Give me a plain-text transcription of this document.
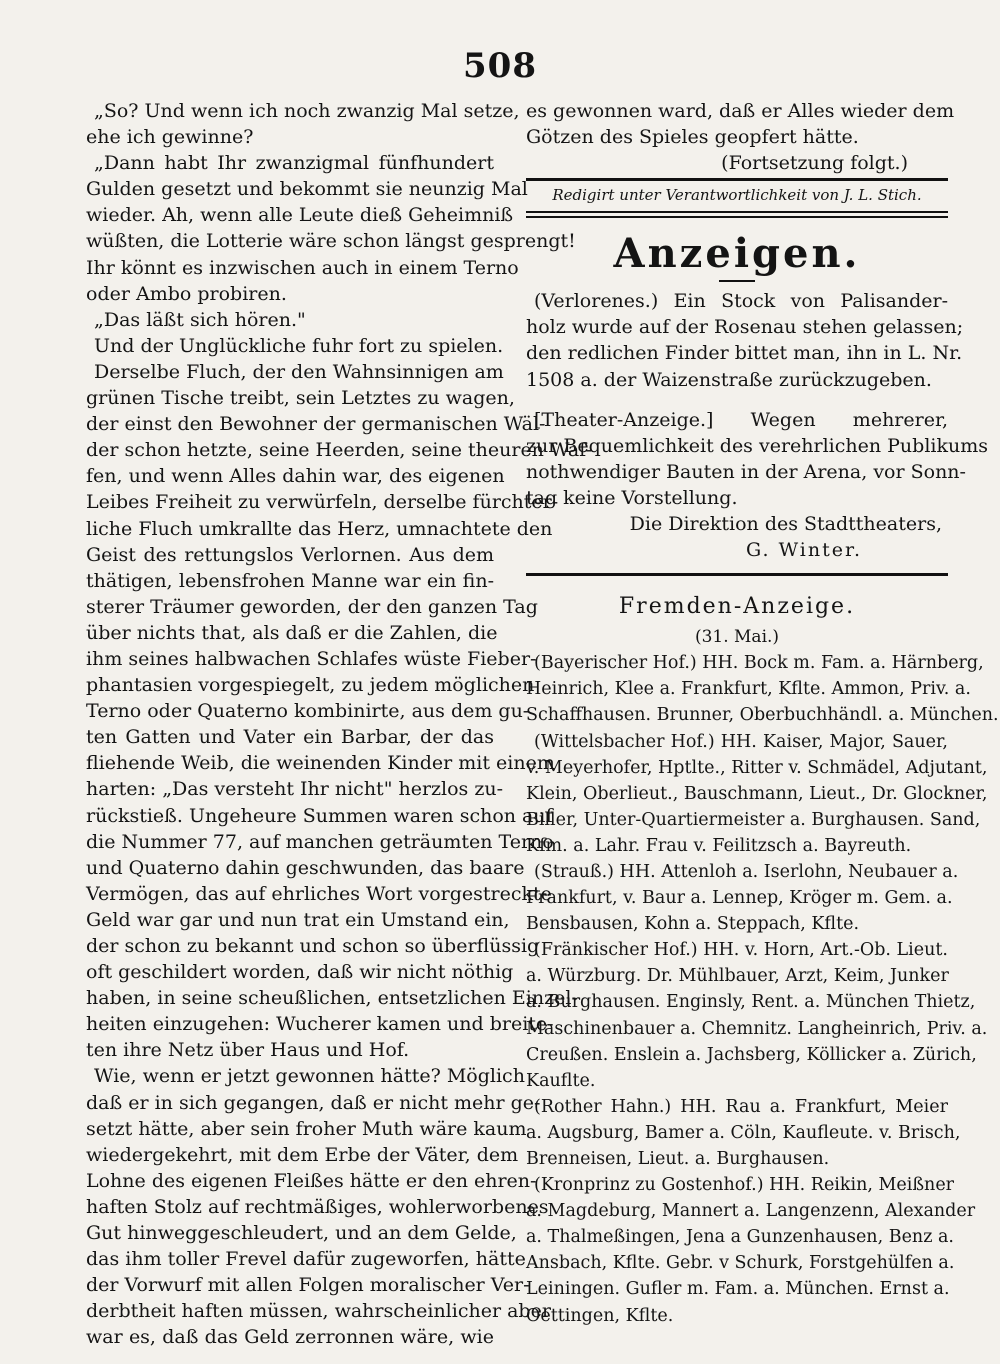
508
„So? Und wenn ich noch zwanzig Mal setze,
ehe ich gewinne?
„Dann habt Ihr zwanzigmal fünfhundert
Gulden gesetzt und bekommt sie neunzig Mal
wieder. Ah, wenn alle Leute dieß Geheimniß
wüßten, die Lotterie wäre schon längst gesprengt!
Ihr könnt es inzwischen auch in einem Terno
oder Ambo probiren.
„Das läßt sich hören."
Und der Unglückliche fuhr fort zu spielen.
Derselbe Fluch, der den Wahnsinnigen am
grünen Tische treibt, sein Letztes zu wagen,
der einst den Bewohner der germanischen Wäl-
der schon hetzte, seine Heerden, seine theuren Waf-
fen, und wenn Alles dahin war, des eigenen
Leibes Freiheit zu verwürfeln, derselbe fürchter-
liche Fluch umkrallte das Herz, umnachtete den
Geist des rettungslos Verlornen. Aus dem
thätigen, lebensfrohen Manne war ein fin-
sterer Träumer geworden, der den ganzen Tag
über nichts that, als daß er die Zahlen, die
ihm seines halbwachen Schlafes wüste Fieber-
phantasien vorgespiegelt, zu jedem möglichen
Terno oder Quaterno kombinirte, aus dem gu-
ten Gatten und Vater ein Barbar, der das
fliehende Weib, die weinenden Kinder mit einem
harten: „Das versteht Ihr nicht" herzlos zu-
rückstieß. Ungeheure Summen waren schon auf
die Nummer 77, auf manchen geträumten Terno
und Quaterno dahin geschwunden, das baare
Vermögen, das auf ehrliches Wort vorgestreckte
Geld war gar und nun trat ein Umstand ein,
der schon zu bekannt und schon so überflüssig
oft geschildert worden, daß wir nicht nöthig
haben, in seine scheußlichen, entsetzlichen Einzel-
heiten einzugehen: Wucherer kamen und breite-
ten ihre Netz über Haus und Hof.
Wie, wenn er jetzt gewonnen hätte? Möglich
daß er in sich gegangen, daß er nicht mehr ge-
setzt hätte, aber sein froher Muth wäre kaum
wiedergekehrt, mit dem Erbe der Väter, dem
Lohne des eigenen Fleißes hätte er den ehren-
haften Stolz auf rechtmäßiges, wohlerworbenes
Gut hinweggeschleudert, und an dem Gelde,
das ihm toller Frevel dafür zugeworfen, hätte
der Vorwurf mit allen Folgen moralischer Ver-
derbtheit haften müssen, wahrscheinlicher aber
war es, daß das Geld zerronnen wäre, wie
es gewonnen ward, daß er Alles wieder dem
Götzen des Spieles geopfert hätte.
(Fortsetzung folgt.)
Redigirt unter Verantwortlichkeit von J. L. Stich.
Anzeigen.
(Verlorenes.) Ein Stock von Palisander-
holz wurde auf der Rosenau stehen gelassen;
den redlichen Finder bittet man, ihn in L. Nr.
1508 a. der Waizenstraße zurückzugeben.
[Theater-Anzeige.] Wegen mehrerer,
zur Bequemlichkeit des verehrlichen Publikums
nothwendiger Bauten in der Arena, vor Sonn-
tag keine Vorstellung.
Die Direktion des Stadttheaters,
G. Winter.
Fremden-Anzeige.
(31. Mai.)
(Bayerischer Hof.) HH. Bock m. Fam. a. Härnberg,
Heinrich, Klee a. Frankfurt, Kflte. Ammon, Priv. a.
Schaffhausen. Brunner, Oberbuchhändl. a. München.
(Wittelsbacher Hof.) HH. Kaiser, Major, Sauer,
v. Meyerhofer, Hptlte., Ritter v. Schmädel, Adjutant,
Klein, Oberlieut., Bauschmann, Lieut., Dr. Glockner,
Biller, Unter-Quartiermeister a. Burghausen. Sand,
Kfm. a. Lahr. Frau v. Feilitzsch a. Bayreuth.
(Strauß.) HH. Attenloh a. Iserlohn, Neubauer a.
Frankfurt, v. Baur a. Lennep, Kröger m. Gem. a.
Bensbausen, Kohn a. Steppach, Kflte.
(Fränkischer Hof.) HH. v. Horn, Art.-Ob. Lieut.
a. Würzburg. Dr. Mühlbauer, Arzt, Keim, Junker
a. Burghausen. Enginsly, Rent. a. München Thietz,
Maschinenbauer a. Chemnitz. Langheinrich, Priv. a.
Creußen. Enslein a. Jachsberg, Köllicker a. Zürich,
Kauflte.
(Rother Hahn.) HH. Rau a. Frankfurt, Meier
a. Augsburg, Bamer a. Cöln, Kaufleute. v. Brisch,
Brenneisen, Lieut. a. Burghausen.
(Kronprinz zu Gostenhof.) HH. Reikin, Meißner
a. Magdeburg, Mannert a. Langenzenn, Alexander
a. Thalmeßingen, Jena a Gunzenhausen, Benz a.
Ansbach, Kflte. Gebr. v Schurk, Forstgehülfen a.
Leiningen. Gufler m. Fam. a. München. Ernst a.
Oettingen, Kflte.
